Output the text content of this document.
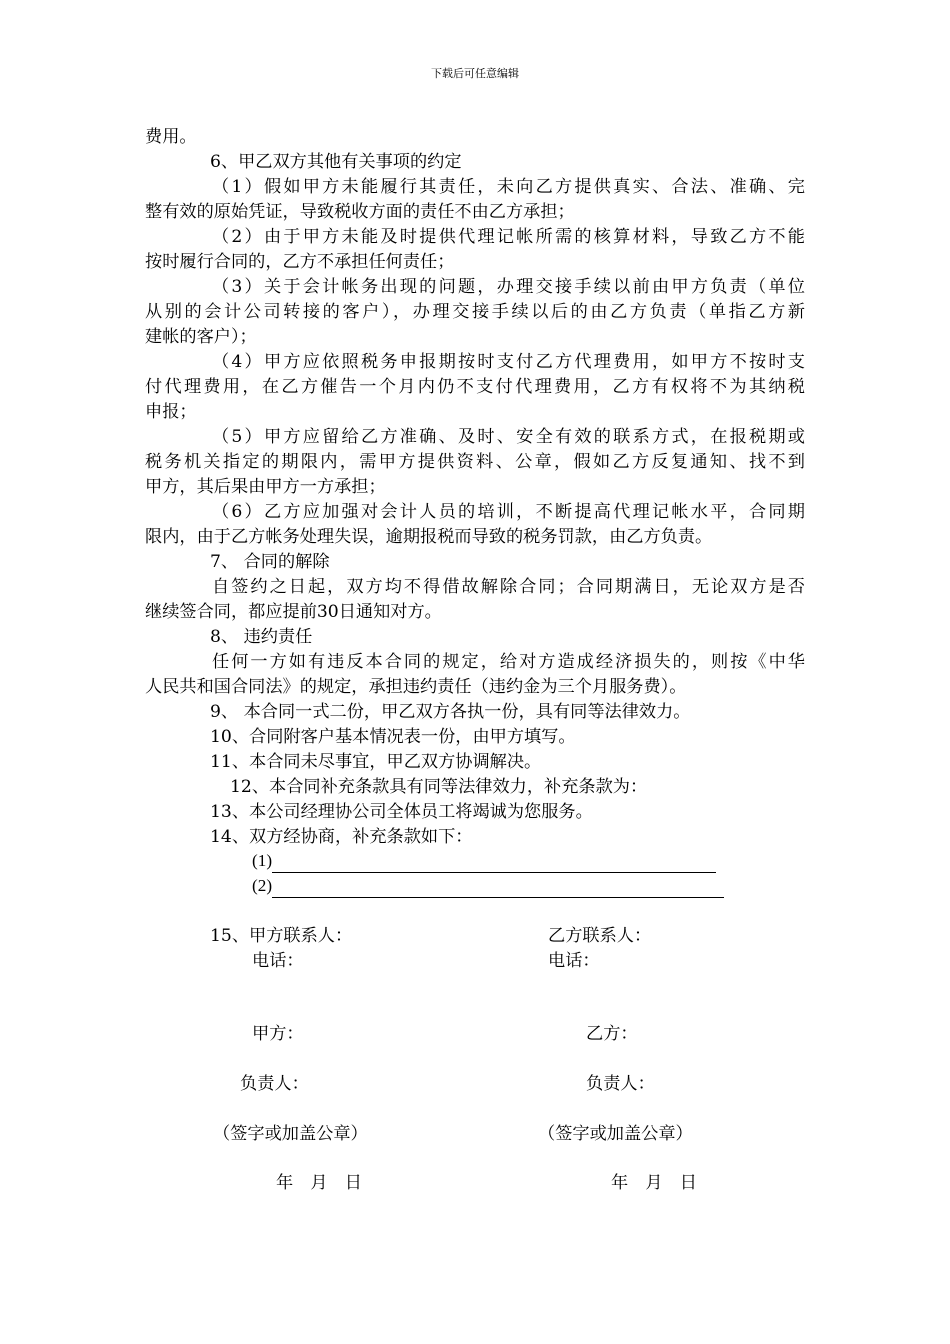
下载后可任意编辑
费用。
6、甲乙双方其他有关事项的约定
（1）假如甲方未能履行其责任，未向乙方提供真实、合法、准确、完
整有效的原始凭证，导致税收方面的责任不由乙方承担；
（2）由于甲方未能及时提供代理记帐所需的核算材料，导致乙方不能
按时履行合同的，乙方不承担任何责任；
（3）关于会计帐务出现的问题，办理交接手续以前由甲方负责（单位
从别的会计公司转接的客户），办理交接手续以后的由乙方负责（单指乙方新
建帐的客户）；
（4）甲方应依照税务申报期按时支付乙方代理费用，如甲方不按时支
付代理费用，在乙方催告一个月内仍不支付代理费用，乙方有权将不为其纳税
申报；
（5）甲方应留给乙方准确、及时、安全有效的联系方式，在报税期或
税务机关指定的期限内，需甲方提供资料、公章，假如乙方反复通知、找不到
甲方，其后果由甲方一方承担；
（6）乙方应加强对会计人员的培训，不断提高代理记帐水平，合同期
限内，由于乙方帐务处理失误，逾期报税而导致的税务罚款，由乙方负责。
7、 合同的解除
自签约之日起，双方均不得借故解除合同；合同期满日，无论双方是否
继续签合同，都应提前30日通知对方。
8、 违约责任
任何一方如有违反本合同的规定，给对方造成经济损失的，则按《中华
人民共和国合同法》的规定，承担违约责任（违约金为三个月服务费）。
9、 本合同一式二份，甲乙双方各执一份，具有同等法律效力。
10、合同附客户基本情况表一份，由甲方填写。
11、本合同未尽事宜，甲乙双方协调解决。
12、本合同补充条款具有同等法律效力，补充条款为：
13、本公司经理协公司全体员工将竭诚为您服务。
14、双方经协商，补充条款如下：
(1)
(2)
15、甲方联系人：	乙方联系人：
电话：	电话：
甲方：	乙方：
负责人：	负责人：
（签字或加盖公章）	（签字或加盖公章）
年　月　日	年　月　日
